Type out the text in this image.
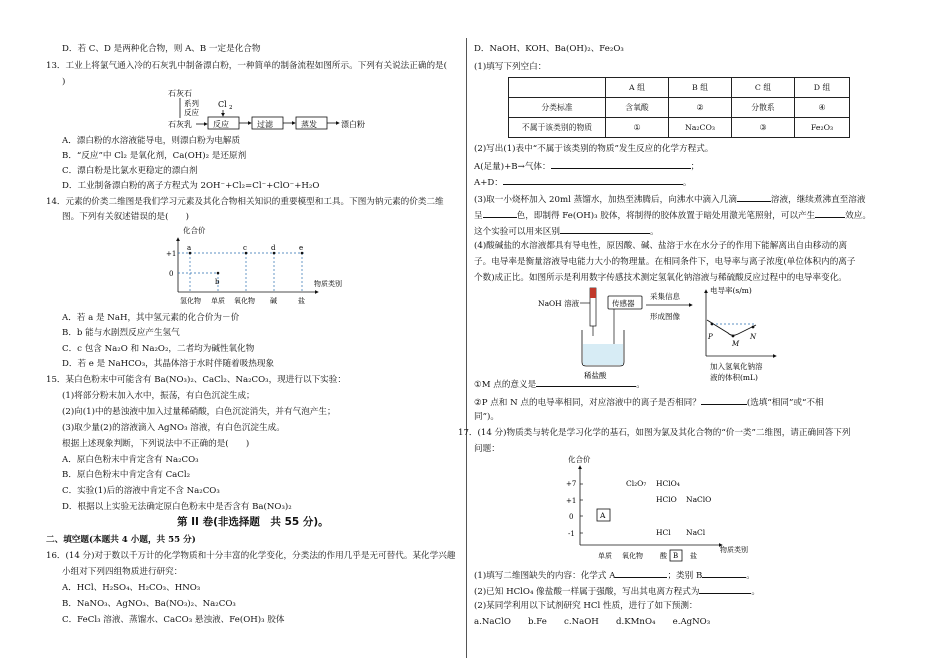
D．若 C、D 是两种化合物，则 A、B 一定是化合物
13．工业上将氯气通入冷的石灰乳中制备漂白粉，一种简单的制备流程如图所示。下列有关说法正确的是(
)
石灰石
系列
反应
石灰乳
Cl 2
反应	过滤	蒸发	漂白粉
A．漂白粉的水溶液能导电，则漂白粉为电解质
B．“反应”中 Cl₂ 是氧化剂，Ca(OH)₂ 是还原剂
C．漂白粉是比氯水更稳定的漂白剂
D．工业制备漂白粉的离子方程式为 2OH⁻+Cl₂=Cl⁻+ClO⁻+H₂O
14．元素的价类二维图是我们学习元素及其化合物相关知识的重要模型和工具。下图为钠元素的价类二维
图。下列有关叙述错误的是(　　)
化合价
+1
0
a
b
c	d	e
氢化物 单质 氧化物 碱	盐
物质类别
A．若 a 是 NaH，其中氢元素的化合价为－价
B．b 能与水剧烈反应产生氢气
C．c 包含 Na₂O 和 Na₂O₂，二者均为碱性氧化物
D．若 e 是 NaHCO₃，其晶体溶于水时伴随着吸热现象
15．某白色粉末中可能含有 Ba(NO₃)₂、CaCl₂、Na₂CO₃，现进行以下实验：
(1)将部分粉末加入水中，振荡，有白色沉淀生成；
(2)向(1)中的悬浊液中加入过量稀硝酸，白色沉淀消失，并有气泡产生；
(3)取少量(2)的溶液滴入 AgNO₃ 溶液，有白色沉淀生成。
根据上述现象判断，下列说法中不正确的是(　　)
A．原白色粉末中肯定含有 Na₂CO₃
B．原白色粉末中肯定含有 CaCl₂
C．实验(1)后的溶液中肯定不含 Na₂CO₃
D．根据以上实验无法确定原白色粉末中是否含有 Ba(NO₃)₂
第 II 卷(非选择题　共 55 分)。
二、填空题(本题共 4 小题，共 55 分)
16．(14 分)对于数以千万计的化学物质和十分丰富的化学变化，分类法的作用几乎是无可替代。某化学兴趣
小组对下列四组物质进行研究：
A．HCl、H₂SO₄、H₂CO₃、HNO₃
B．NaNO₃、AgNO₃、Ba(NO₃)₂、Na₂CO₃
C．FeCl₃ 溶液、蒸馏水、CaCO₃ 悬浊液、Fe(OH)₃ 胶体
D．NaOH、KOH、Ba(OH)₂、Fe₂O₃
(1)填写下列空白：
	A 组	B 组	C 组	D 组
分类标准	含氧酸	②	分散系	④
不属于该类别的物质	①	Na₂CO₃	③	Fe₂O₃
(2)写出(1)表中“不属于该类别的物质”发生反应的化学方程式。
A(足量)+B→气体：	；
A+D：	。
(3)取一小烧杯加入 20ml 蒸馏水，加热至沸腾后，向沸水中滴入几滴	溶液，继续煮沸直至溶液
呈	色，即制得 Fe(OH)₃ 胶体，将制得的胶体放置于暗处用激光笔照射，可以产生	效应。
这个实验可以用来区别	。
(4)酸碱盐的水溶液都具有导电性，原因酸、碱、盐溶于水在水分子的作用下能解离出自由移动的离
子。电导率是衡量溶液导电能力大小的物理量。在相同条件下，电导率与离子浓度(单位体积内的离子
个数)成正比。如图所示是利用数字传感技术测定氢氧化钠溶液与稀硫酸反应过程中的电导率变化。
NaOH 溶液	传感器
稀盐酸
采集信息
形成图像
电导率(s/m)
P
M
N
加入氢氧化钠溶
液的体积(mL)
①M 点的意义是	。
②P 点和 N 点的电导率相同，对应溶液中的离子是否相同？	(选填“相同”或“不相
同”)。
17．(14 分)物质类与转化是学习化学的基石，如图为氯及其化合物的“价一类”二维图，请正确回答下列
问题：
化合价
+7
+1
0
-1
Cl₂O₇ HClO₄
HClO NaClO
HCl NaCl
A
单质 氧化物 酸 B 盐
物质类别
(1)填写二维图缺失的内容：化学式 A	；类别 B	。
(2)已知 HClO₄ 像盐酸一样属于强酸，写出其电离方程式为	。
(2)某同学利用以下试剂研究 HCl 性质，进行了如下预测：
a.NaClO　　b.Fe　　c.NaOH　　d.KMnO₄　　e.AgNO₃
